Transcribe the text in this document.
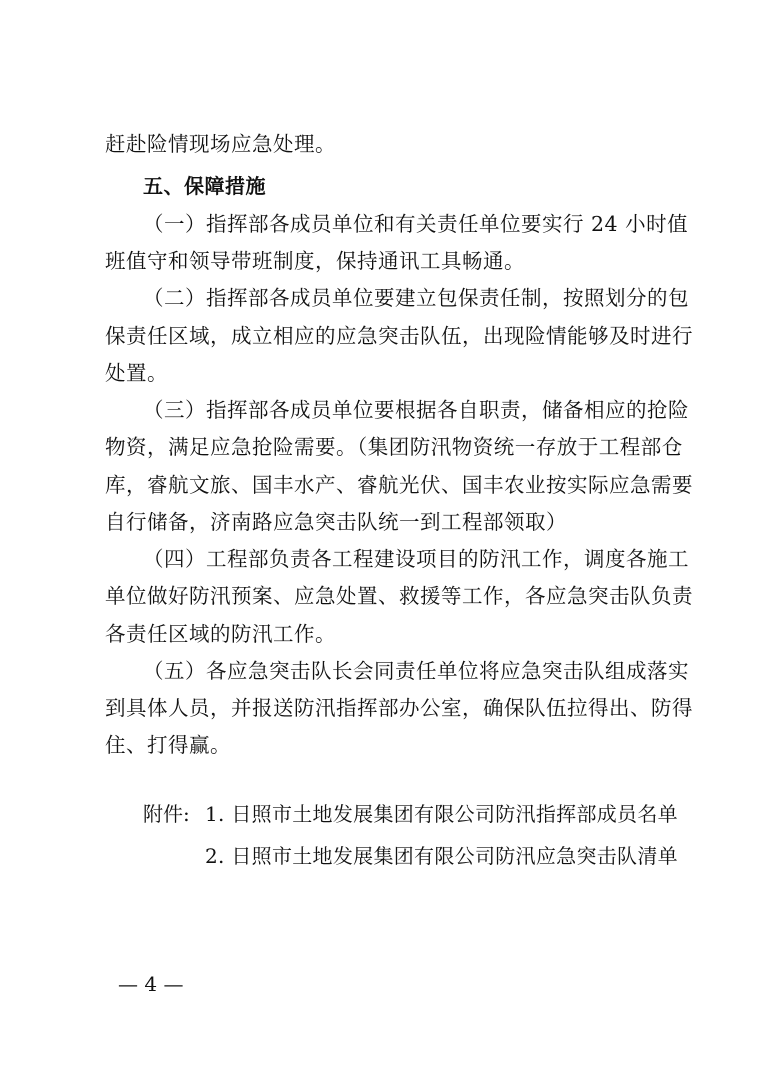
赶赴险情现场应急处理。
五、保障措施
（一）指挥部各成员单位和有关责任单位要实行 24 小时值
班值守和领导带班制度，保持通讯工具畅通。
（二）指挥部各成员单位要建立包保责任制，按照划分的包
保责任区域，成立相应的应急突击队伍，出现险情能够及时进行
处置。
（三）指挥部各成员单位要根据各自职责，储备相应的抢险
物资，满足应急抢险需要。（集团防汛物资统一存放于工程部仓
库，睿航文旅、国丰水产、睿航光伏、国丰农业按实际应急需要
自行储备，济南路应急突击队统一到工程部领取）
（四）工程部负责各工程建设项目的防汛工作，调度各施工
单位做好防汛预案、应急处置、救援等工作，各应急突击队负责
各责任区域的防汛工作。
（五）各应急突击队长会同责任单位将应急突击队组成落实
到具体人员，并报送防汛指挥部办公室，确保队伍拉得出、防得
住、打得赢。
附件: 1. 日照市土地发展集团有限公司防汛指挥部成员名单
2. 日照市土地发展集团有限公司防汛应急突击队清单
— 4 —
